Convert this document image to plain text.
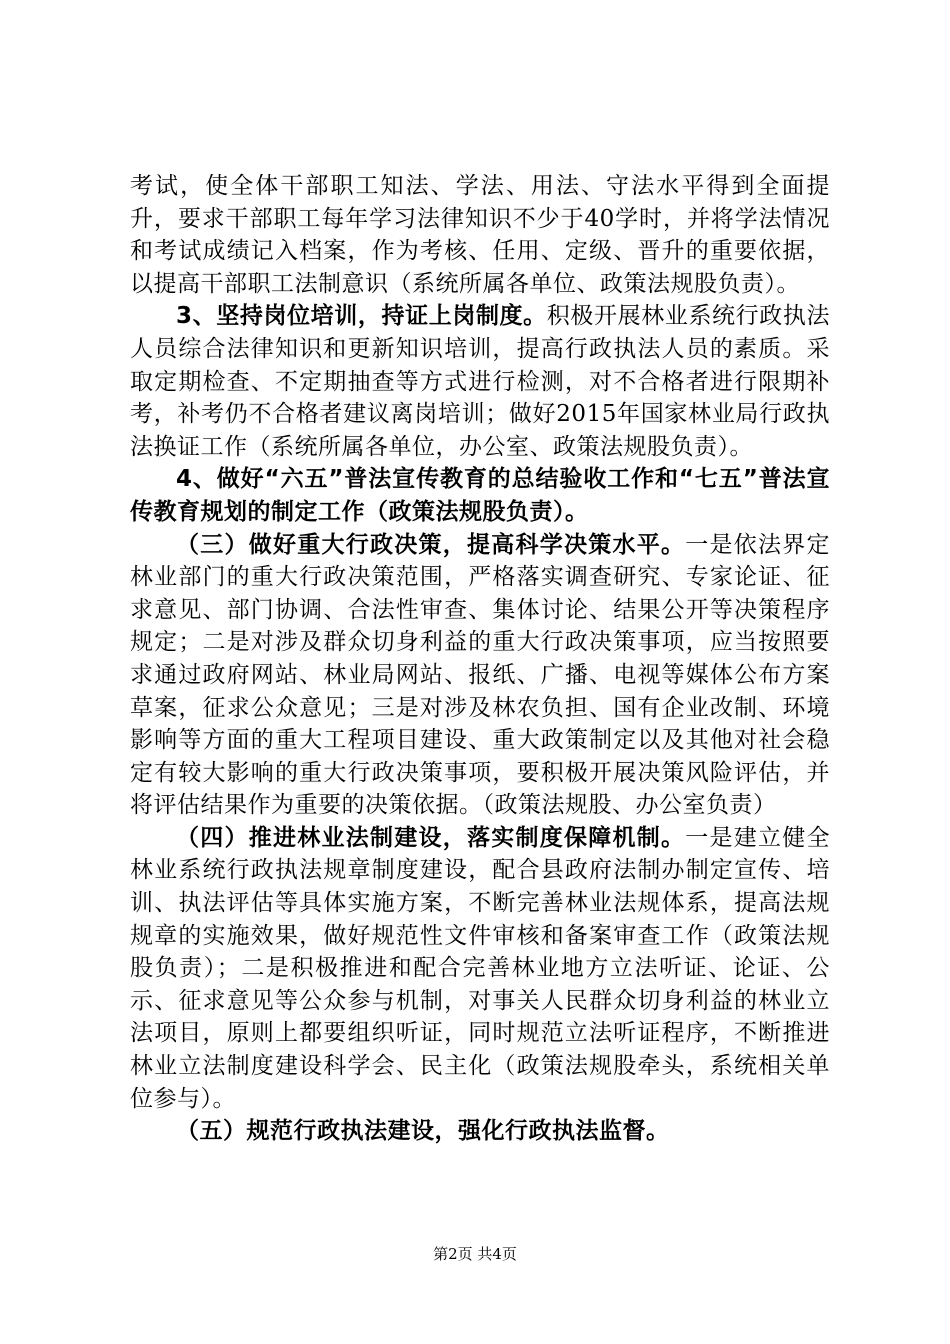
考试，使全体干部职工知法、学法、用法、守法水平得到全面提升，要求干部职工每年学习法律知识不少于40学时，并将学法情况和考试成绩记入档案，作为考核、任用、定级、晋升的重要依据，以提高干部职工法制意识（系统所属各单位、政策法规股负责）。

3、坚持岗位培训，持证上岗制度。积极开展林业系统行政执法人员综合法律知识和更新知识培训，提高行政执法人员的素质。采取定期检查、不定期抽查等方式进行检测，对不合格者进行限期补考，补考仍不合格者建议离岗培训；做好2015年国家林业局行政执法换证工作（系统所属各单位，办公室、政策法规股负责）。

4、做好“六五”普法宣传教育的总结验收工作和“七五”普法宣传教育规划的制定工作（政策法规股负责）。

（三）做好重大行政决策，提高科学决策水平。一是依法界定林业部门的重大行政决策范围，严格落实调查研究、专家论证、征求意见、部门协调、合法性审查、集体讨论、结果公开等决策程序规定；二是对涉及群众切身利益的重大行政决策事项，应当按照要求通过政府网站、林业局网站、报纸、广播、电视等媒体公布方案草案，征求公众意见；三是对涉及林农负担、国有企业改制、环境影响等方面的重大工程项目建设、重大政策制定以及其他对社会稳定有较大影响的重大行政决策事项，要积极开展决策风险评估，并将评估结果作为重要的决策依据。（政策法规股、办公室负责）

（四）推进林业法制建设，落实制度保障机制。一是建立健全林业系统行政执法规章制度建设，配合县政府法制办制定宣传、培训、执法评估等具体实施方案，不断完善林业法规体系，提高法规规章的实施效果，做好规范性文件审核和备案审查工作（政策法规股负责）；二是积极推进和配合完善林业地方立法听证、论证、公示、征求意见等公众参与机制，对事关人民群众切身利益的林业立法项目，原则上都要组织听证，同时规范立法听证程序，不断推进林业立法制度建设科学会、民主化（政策法规股牵头，系统相关单位参与）。

（五）规范行政执法建设，强化行政执法监督。

第2页 共4页
